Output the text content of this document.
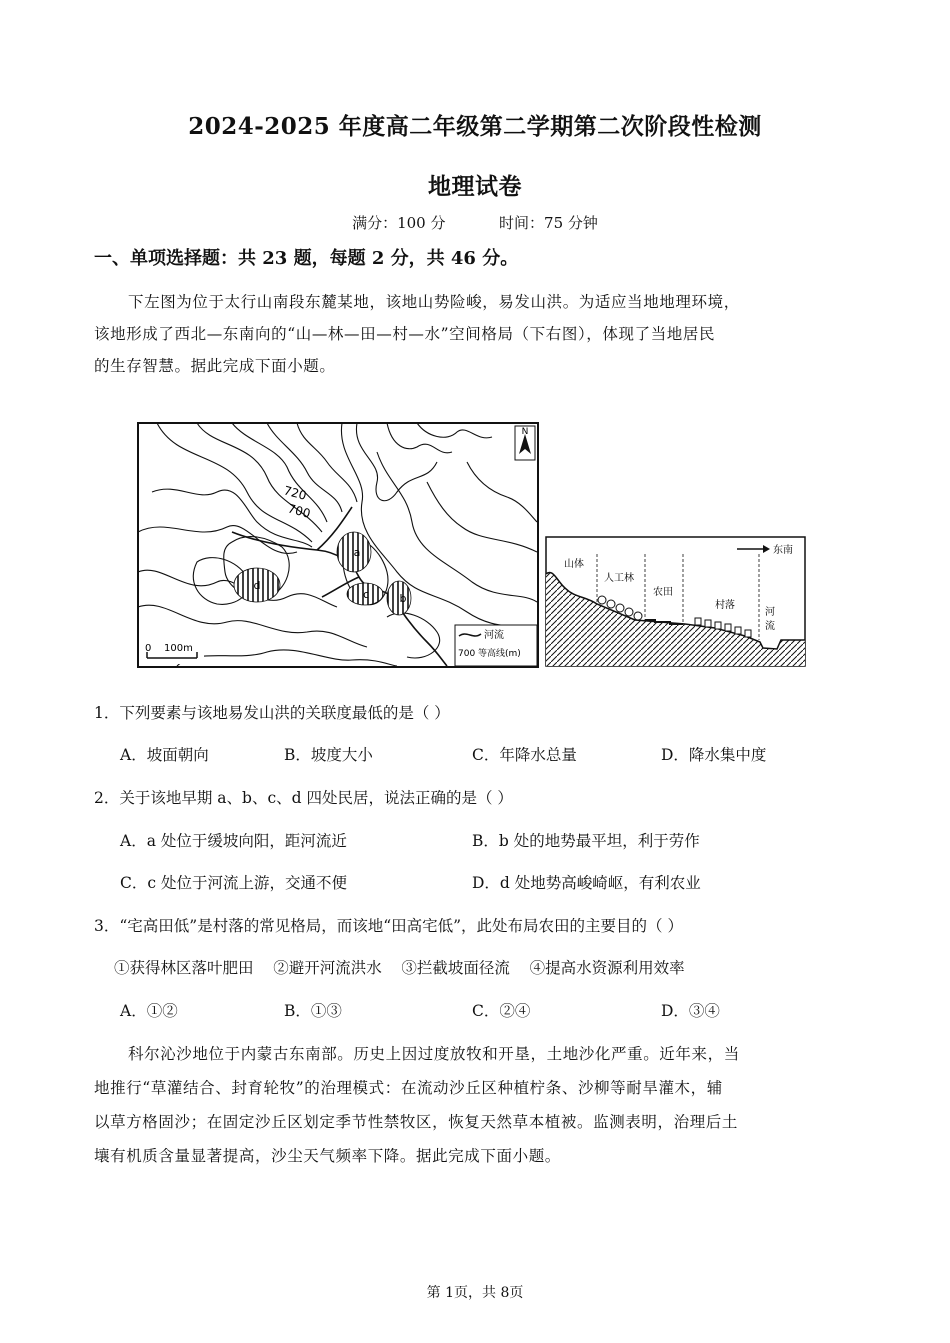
2024-2025 年度高二年级第二学期第二次阶段性检测
地理试卷
满分：100 分	时间：75 分钟
一、单项选择题：共 23 题，每题 2 分，共 46 分。
下左图为位于太行山南段东麓某地，该地山势险峻，易发山洪。为适应当地地理环境，
该地形成了西北—东南向的“山—林—田—村—水”空间格局（下右图），体现了当地居民
的生存智慧。据此完成下面小题。
a
d
c	b
720
700
N
0 100m
河流
700 等高线(m)
东南
山体
人工林
农田
村落
河
流
1．下列要素与该地易发山洪的关联度最低的是（ ）
A．坡面朝向	B．坡度大小	C．年降水总量	D．降水集中度
2．关于该地早期 a、b、c、d 四处民居，说法正确的是（ ）
A．a 处位于缓坡向阳，距河流近	B．b 处的地势最平坦，利于劳作
C．c 处位于河流上游，交通不便	D．d 处地势高峻崎岖，有利农业
3．“宅高田低”是村落的常见格局，而该地“田高宅低”，此处布局农田的主要目的（ ）
①获得林区落叶肥田    ②避开河流洪水    ③拦截坡面径流    ④提高水资源利用效率
A．①②	B．①③	C．②④	D．③④
科尔沁沙地位于内蒙古东南部。历史上因过度放牧和开垦，土地沙化严重。近年来，当
地推行“草灌结合、封育轮牧”的治理模式：在流动沙丘区种植柠条、沙柳等耐旱灌木，辅
以草方格固沙；在固定沙丘区划定季节性禁牧区，恢复天然草本植被。监测表明，治理后土
壤有机质含量显著提高，沙尘天气频率下降。据此完成下面小题。
第 1页，共 8页
